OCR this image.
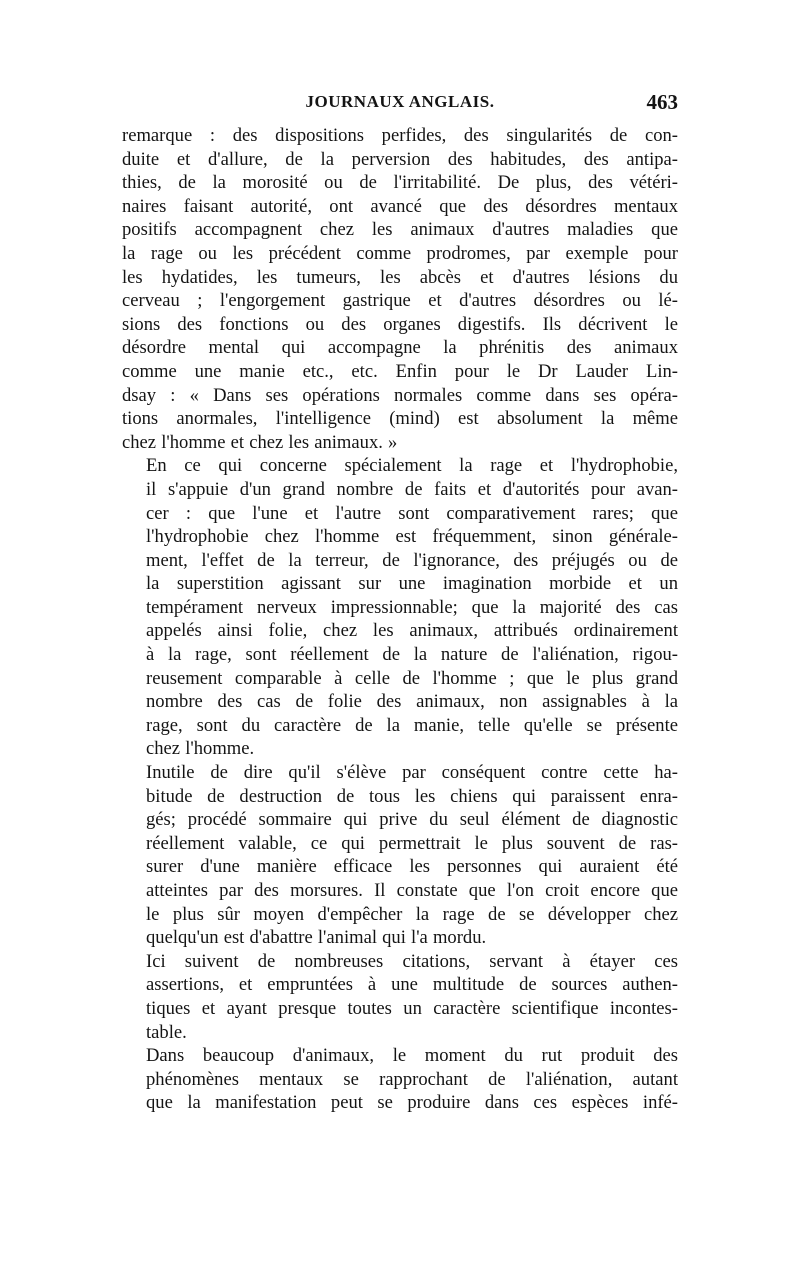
JOURNAUX ANGLAIS.	463

remarque : des dispositions perfides, des singularités de con-
duite et d'allure, de la perversion des habitudes, des antipa-
thies, de la morosité ou de l'irritabilité. De plus, des vétéri-
naires faisant autorité, ont avancé que des désordres mentaux
positifs accompagnent chez les animaux d'autres maladies que
la rage ou les précédent comme prodromes, par exemple pour
les hydatides, les tumeurs, les abcès et d'autres lésions du
cerveau ; l'engorgement gastrique et d'autres désordres ou lé-
sions des fonctions ou des organes digestifs. Ils décrivent le
désordre mental qui accompagne la phrénitis des animaux
comme une manie etc., etc. Enfin pour le Dr Lauder Lin-
dsay : « Dans ses opérations normales comme dans ses opéra-
tions anormales, l'intelligence (mind) est absolument la même
chez l'homme et chez les animaux. »

En ce qui concerne spécialement la rage et l'hydrophobie,
il s'appuie d'un grand nombre de faits et d'autorités pour avan-
cer : que l'une et l'autre sont comparativement rares; que
l'hydrophobie chez l'homme est fréquemment, sinon générale-
ment, l'effet de la terreur, de l'ignorance, des préjugés ou de
la superstition agissant sur une imagination morbide et un
tempérament nerveux impressionnable; que la majorité des cas
appelés ainsi folie, chez les animaux, attribués ordinairement
à la rage, sont réellement de la nature de l'aliénation, rigou-
reusement comparable à celle de l'homme ; que le plus grand
nombre des cas de folie des animaux, non assignables à la
rage, sont du caractère de la manie, telle qu'elle se présente
chez l'homme.

Inutile de dire qu'il s'élève par conséquent contre cette ha-
bitude de destruction de tous les chiens qui paraissent enra-
gés; procédé sommaire qui prive du seul élément de diagnostic
réellement valable, ce qui permettrait le plus souvent de ras-
surer d'une manière efficace les personnes qui auraient été
atteintes par des morsures. Il constate que l'on croit encore que
le plus sûr moyen d'empêcher la rage de se développer chez
quelqu'un est d'abattre l'animal qui l'a mordu.

Ici suivent de nombreuses citations, servant à étayer ces
assertions, et empruntées à une multitude de sources authen-
tiques et ayant presque toutes un caractère scientifique incontes-
table.

Dans beaucoup d'animaux, le moment du rut produit des
phénomènes mentaux se rapprochant de l'aliénation, autant
que la manifestation peut se produire dans ces espèces infé-
